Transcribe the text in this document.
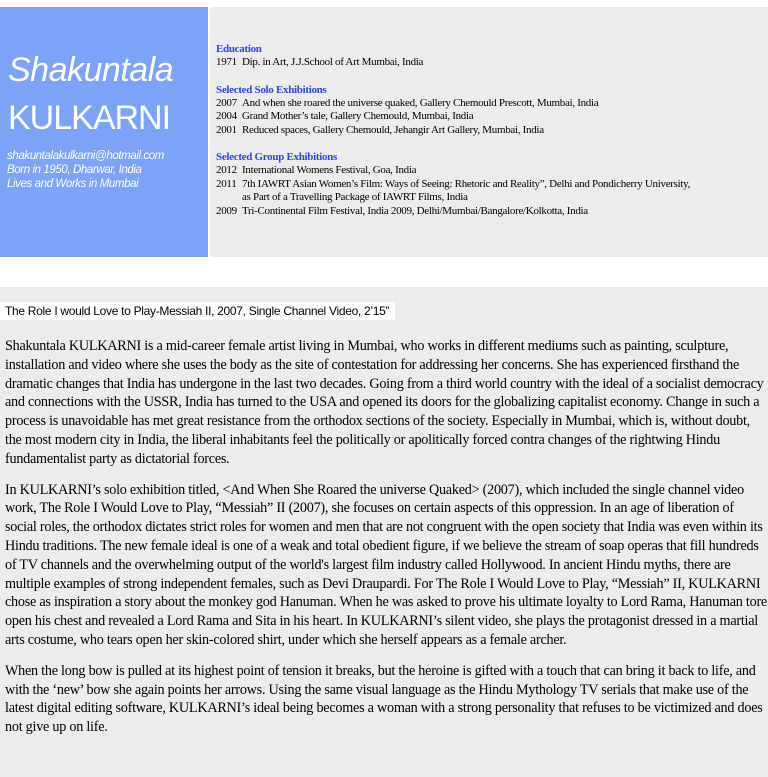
Shakuntala
KULKARNI
shakuntalakulkarni@hotmail.com
Born in 1950, Dharwar, India
Lives and Works in Mumbai
Education
1971 Dip. in Art, J.J.School of Art Mumbai, India
Selected Solo Exhibitions
2007 And when she roared the universe quaked, Gallery Chemould Prescott, Mumbai, India
2004 Grand Mother’s tale, Gallery Chemould, Mumbai, India
2001 Reduced spaces, Gallery Chemould, Jehangir Art Gallery, Mumbai, India
Selected Group Exhibitions
2012 International Womens Festival, Goa, India
2011 7th IAWRT Asian Women’s Film: Ways of Seeing: Rhetoric and Reality”, Delhi and Pondicherry University,
as Part of a Travelling Package of IAWRT Films, India
2009 Tri-Continental Film Festival, India 2009, Delhi/Mumbai/Bangalore/Kolkotta, India
The Role I would Love to Play-Messiah II, 2007, Single Channel Video, 2’15”

Shakuntala KULKARNI is a mid-career female artist living in Mumbai, who works in different mediums such as painting, sculpture, installation and video where she uses the body as the site of contestation for addressing her concerns. She has experienced firsthand the dramatic changes that India has undergone in the last two decades. Going from a third world country with the ideal of a socialist democracy and connections with the USSR, India has turned to the USA and opened its doors for the globalizing capitalist economy. Change in such a process is unavoidable has met great resistance from the orthodox sections of the society. Especially in Mumbai, which is, without doubt, the most modern city in India, the liberal inhabitants feel the politically or apolitically forced contra changes of the rightwing Hindu fundamentalist party as dictatorial forces.

In KULKARNI’s solo exhibition titled, <And When She Roared the universe Quaked> (2007), which included the single channel video work, The Role I Would Love to Play, “Messiah” II (2007), she focuses on certain aspects of this oppression. In an age of liberation of social roles, the orthodox dictates strict roles for women and men that are not congruent with the open society that India was even within its Hindu traditions. The new female ideal is one of a weak and total obedient figure, if we believe the stream of soap operas that fill hundreds of TV channels and the overwhelming output of the world's largest film industry called Hollywood. In ancient Hindu myths, there are multiple examples of strong independent females, such as Devi Draupardi. For The Role I Would Love to Play, “Messiah” II, KULKARNI chose as inspiration a story about the monkey god Hanuman. When he was asked to prove his ultimate loyalty to Lord Rama, Hanuman tore open his chest and revealed a Lord Rama and Sita in his heart. In KULKARNI’s silent video, she plays the protagonist dressed in a martial arts costume, who tears open her skin-colored shirt, under which she herself appears as a female archer.

When the long bow is pulled at its highest point of tension it breaks, but the heroine is gifted with a touch that can bring it back to life, and with the ‘new’ bow she again points her arrows. Using the same visual language as the Hindu Mythology TV serials that make use of the latest digital editing software, KULKARNI’s ideal being becomes a woman with a strong personality that refuses to be victimized and does not give up on life.
